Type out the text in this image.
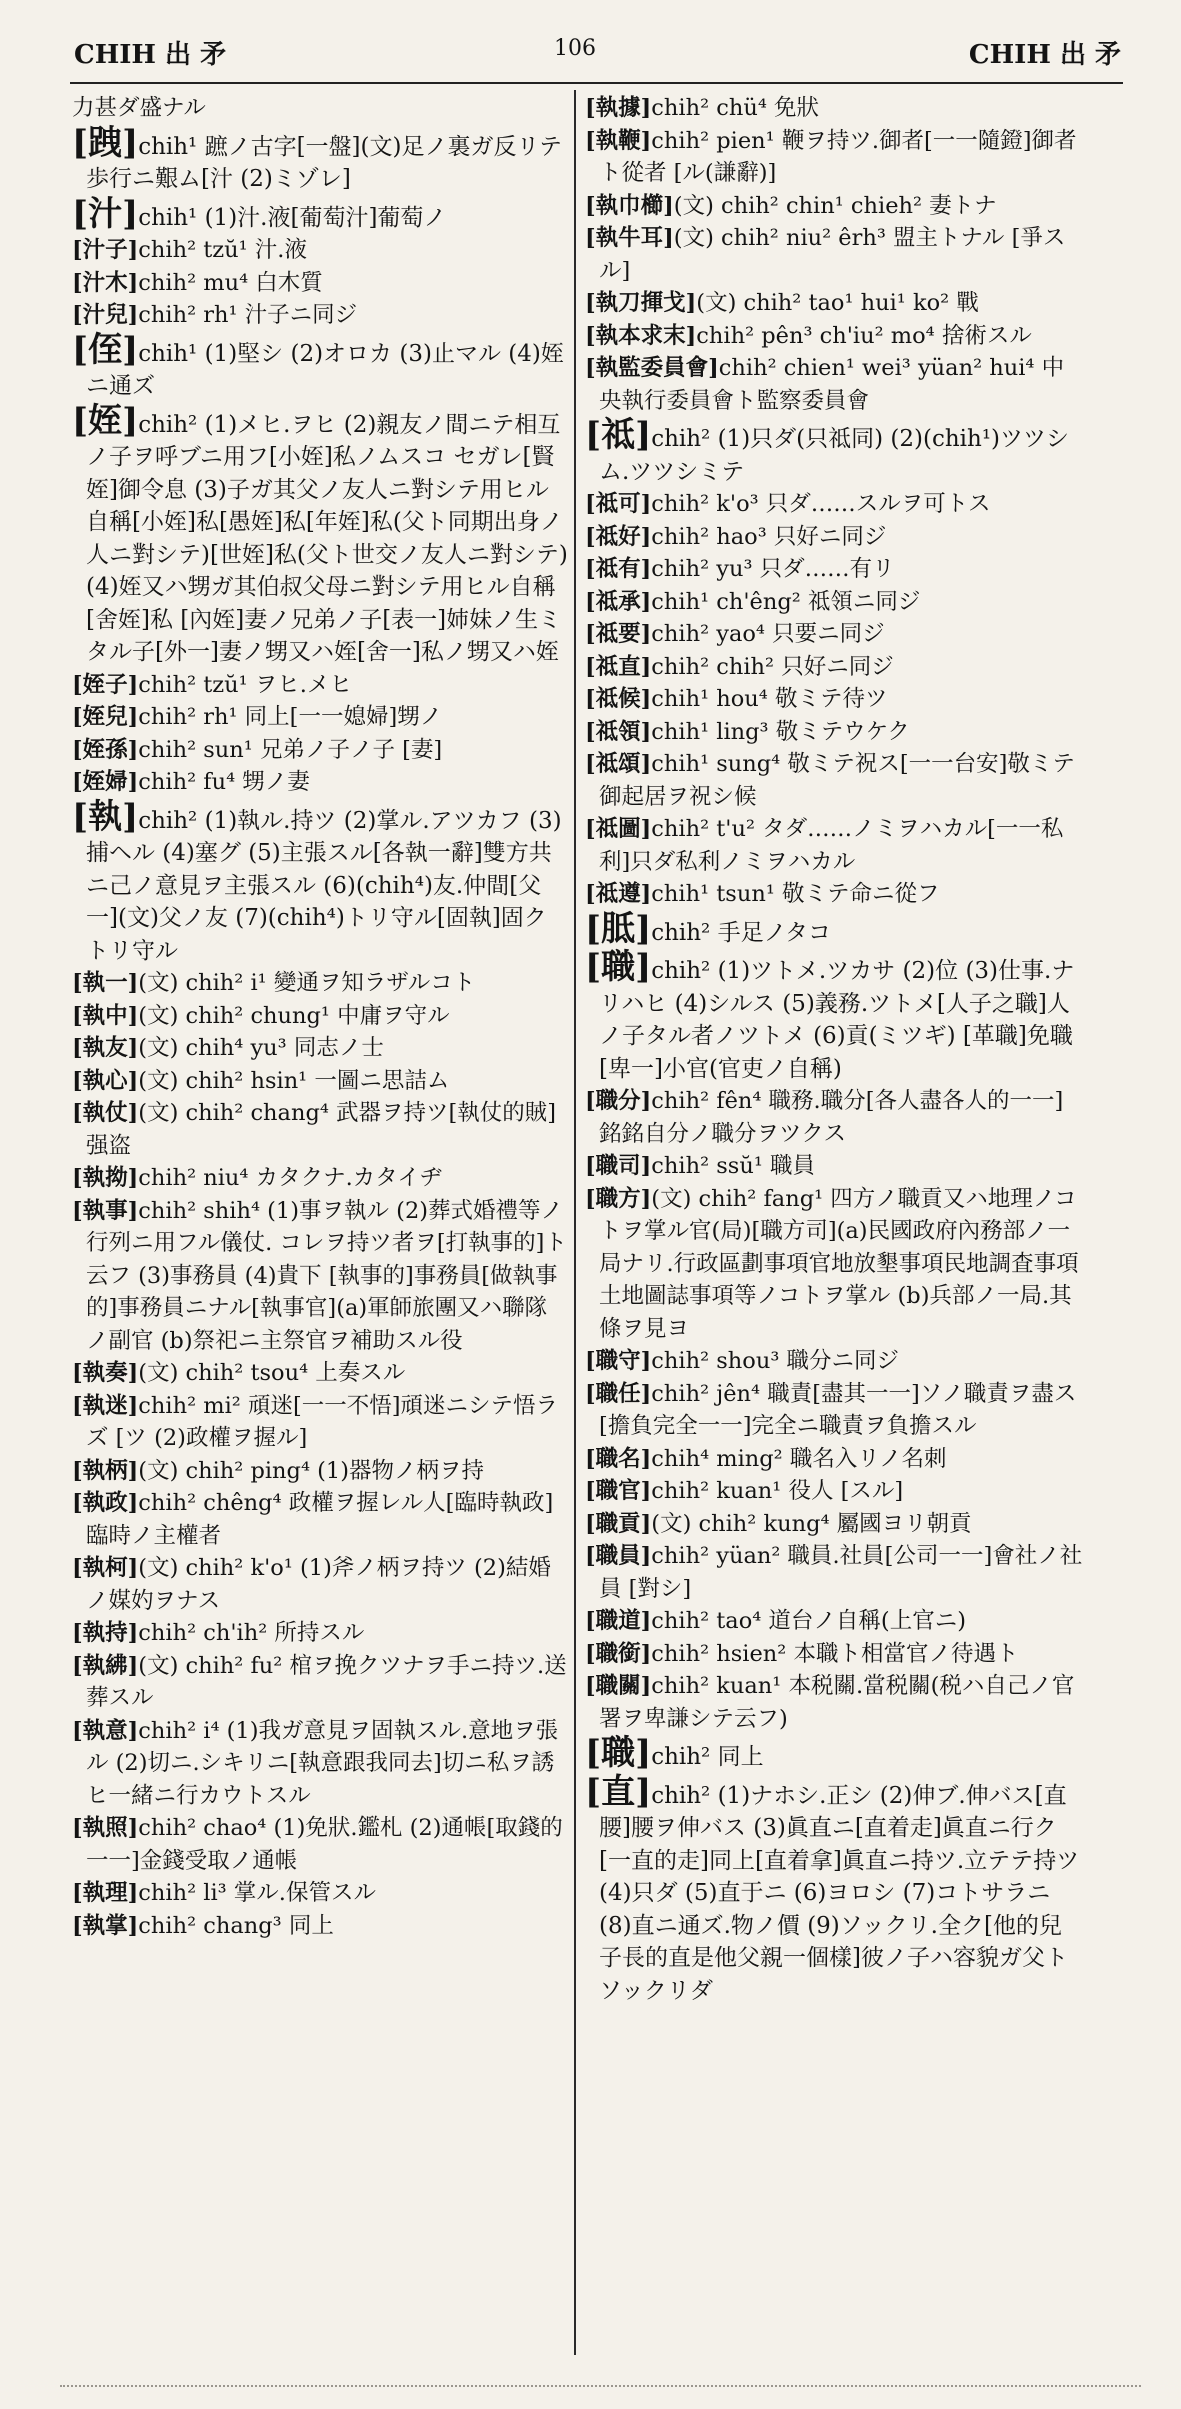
CHIH 出 矛	106	CHIH 出 矛

力甚ダ盛ナル

[跩]chih¹ 蹠ノ古字[一盤](文)足ノ裏ガ反リテ歩行ニ艱ム[汁 (2)ミゾレ]

[汁]chih¹ (1)汁.液[葡萄汁]葡萄ノ

[汁子]chih² tzŭ¹ 汁.液

[汁木]chih² mu⁴ 白木質

[汁兒]chih² rh¹ 汁子ニ同ジ

[侄]chih¹ (1)堅シ (2)オロカ (3)止マル (4)姪ニ通ズ

[姪]chih² (1)メヒ.ヲヒ (2)親友ノ間ニテ相互ノ子ヲ呼ブニ用フ[小姪]私ノムスコ セガレ[賢姪]御令息 (3)子ガ其父ノ友人ニ對シテ用ヒル自稱[小姪]私[愚姪]私[年姪]私(父ト同期出身ノ人ニ對シテ)[世姪]私(父ト世交ノ友人ニ對シテ) (4)姪又ハ甥ガ其伯叔父母ニ對シテ用ヒル自稱[舍姪]私 [內姪]妻ノ兄弟ノ子[表一]姉妹ノ生ミタル子[外一]妻ノ甥又ハ姪[舍一]私ノ甥又ハ姪

[姪子]chih² tzŭ¹ ヲヒ.メヒ

[姪兒]chih² rh¹ 同上[一一媳婦]甥ノ

[姪孫]chih² sun¹ 兄弟ノ子ノ子 [妻]

[姪婦]chih² fu⁴ 甥ノ妻

[執]chih² (1)執ル.持ツ (2)掌ル.アツカフ (3)捕ヘル (4)塞グ (5)主張スル[各執一辭]雙方共ニ己ノ意見ヲ主張スル (6)(chih⁴)友.仲間[父一](文)父ノ友 (7)(chih⁴)トリ守ル[固執]固クトリ守ル

[執一](文) chih² i¹ 變通ヲ知ラザルコト

[執中](文) chih² chung¹ 中庸ヲ守ル

[執友](文) chih⁴ yu³ 同志ノ士

[執心](文) chih² hsin¹ 一圖ニ思詰ム

[執仗](文) chih² chang⁴ 武器ヲ持ツ[執仗的賊]强盗

[執拗]chih² niu⁴ カタクナ.カタイヂ

[執事]chih² shih⁴ (1)事ヲ執ル (2)葬式婚禮等ノ行列ニ用フル儀仗. コレヲ持ツ者ヲ[打執事的]ト云フ (3)事務員 (4)貴下 [執事的]事務員[做執事的]事務員ニナル[執事官](a)軍師旅團又ハ聯隊ノ副官 (b)祭祀ニ主祭官ヲ補助スル役

[執奏](文) chih² tsou⁴ 上奏スル

[執迷]chih² mi² 頑迷[一一不悟]頑迷ニシテ悟ラズ [ツ (2)政權ヲ握ル]

[執柄](文) chih² ping⁴ (1)器物ノ柄ヲ持

[執政]chih² chêng⁴ 政權ヲ握レル人[臨時執政]臨時ノ主權者

[執柯](文) chih² k'o¹ (1)斧ノ柄ヲ持ツ (2)結婚ノ媒妁ヲナス

[執持]chih² ch'ih² 所持スル

[執紼](文) chih² fu² 棺ヲ挽クツナヲ手ニ持ツ.送葬スル

[執意]chih² i⁴ (1)我ガ意見ヲ固執スル.意地ヲ張ル (2)切ニ.シキリニ[執意跟我同去]切ニ私ヲ誘ヒ一緒ニ行カウトスル

[執照]chih² chao⁴ (1)免狀.鑑札 (2)通帳[取錢的一一]金錢受取ノ通帳

[執理]chih² li³ 掌ル.保管スル

[執掌]chih² chang³ 同上

[執據]chih² chü⁴ 免狀

[執鞭]chih² pien¹ 鞭ヲ持ツ.御者[一一隨鐙]御者ト從者 [ル(謙辭)]

[執巾櫛](文) chih² chin¹ chieh² 妻トナ

[執牛耳](文) chih² niu² êrh³ 盟主トナル [爭スル]

[執刀揮戈](文) chih² tao¹ hui¹ ko² 戰

[執本求末]chih² pên³ ch'iu² mo⁴ 捨術スル

[執監委員會]chih² chien¹ wei³ yüan² hui⁴ 中央執行委員會ト監察委員會

[祗]chih² (1)只ダ(只祗同) (2)(chih¹)ツツシム.ツツシミテ

[祗可]chih² k'o³ 只ダ……スルヲ可トス

[祗好]chih² hao³ 只好ニ同ジ

[祗有]chih² yu³ 只ダ……有リ

[祗承]chih¹ ch'êng² 祗領ニ同ジ

[祗要]chih² yao⁴ 只要ニ同ジ

[祗直]chih² chih² 只好ニ同ジ

[祗候]chih¹ hou⁴ 敬ミテ待ツ

[祗領]chih¹ ling³ 敬ミテウケク

[祗頌]chih¹ sung⁴ 敬ミテ祝ス[一一台安]敬ミテ御起居ヲ祝シ候

[祗圖]chih² t'u² タダ……ノミヲハカル[一一私利]只ダ私利ノミヲハカル

[祗遵]chih¹ tsun¹ 敬ミテ命ニ從フ

[胝]chih² 手足ノタコ

[職]chih² (1)ツトメ.ツカサ (2)位 (3)仕事.ナリハヒ (4)シルス (5)義務.ツトメ[人子之職]人ノ子タル者ノツトメ (6)貢(ミツギ) [革職]免職[卑一]小官(官吏ノ自稱)

[職分]chih² fên⁴ 職務.職分[各人盡各人的一一]銘銘自分ノ職分ヲツクス

[職司]chih² ssŭ¹ 職員

[職方](文) chih² fang¹ 四方ノ職貢又ハ地理ノコトヲ掌ル官(局)[職方司](a)民國政府內務部ノ一局ナリ.行政區劃事項官地放墾事項民地調査事項土地圖誌事項等ノコトヲ掌ル (b)兵部ノ一局.其條ヲ見ヨ

[職守]chih² shou³ 職分ニ同ジ

[職任]chih² jên⁴ 職責[盡其一一]ソノ職責ヲ盡ス[擔負完全一一]完全ニ職責ヲ負擔スル

[職名]chih⁴ ming² 職名入リノ名刺

[職官]chih² kuan¹ 役人 [スル]

[職貢](文) chih² kung⁴ 屬國ヨリ朝貢

[職員]chih² yüan² 職員.社員[公司一一]會社ノ社員 [對シ]

[職道]chih² tao⁴ 道台ノ自稱(上官ニ)

[職銜]chih² hsien² 本職ト相當官ノ待遇ト

[職關]chih² kuan¹ 本税關.當税關(税ハ自己ノ官署ヲ卑謙シテ云フ)

[職]chih² 同上

[直]chih² (1)ナホシ.正シ (2)伸ブ.伸バス[直腰]腰ヲ伸バス (3)眞直ニ[直着走]眞直ニ行ク[一直的走]同上[直着拿]眞直ニ持ツ.立テテ持ツ (4)只ダ (5)直于ニ (6)ヨロシ (7)コトサラニ (8)直ニ通ズ.物ノ價 (9)ソックリ.全ク[他的兒子長的直是他父親一個樣]彼ノ子ハ容貌ガ父トソックリダ
